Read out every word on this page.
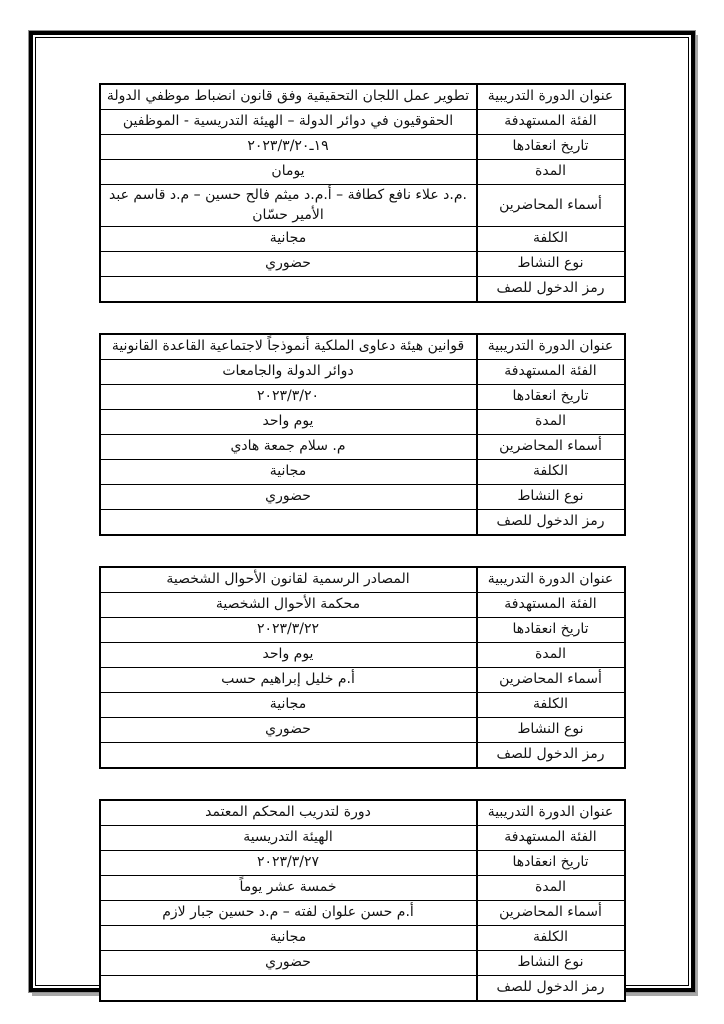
عنوان الدورة التدريبية	تطوير عمل اللجان التحقيقية وفق قانون انضباط موظفي الدولة
الفئة المستهدفة	الحقوقيون في دوائر الدولة – الهيئة التدريسية - الموظفين
تاريخ انعقادها	١٩ـ٢٠٢٣/٣/٢٠
المدة	يومان
أسماء المحاضرين	.م.د علاء نافع كطافة – أ.م.د ميثم فالح حسين – م.د قاسم عبد الأمير حسّان
الكلفة	مجانية
نوع النشاط	حضوري
رمز الدخول للصف	
عنوان الدورة التدريبية	قوانين هيئة دعاوى الملكية أنموذجاً لاجتماعية القاعدة القانونية
الفئة المستهدفة	دوائر الدولة والجامعات
تاريخ انعقادها	٢٠٢٣/٣/٢٠
المدة	يوم واحد
أسماء المحاضرين	م. سلام جمعة هادي
الكلفة	مجانية
نوع النشاط	حضوري
رمز الدخول للصف	
عنوان الدورة التدريبية	المصادر الرسمية لقانون الأحوال الشخصية
الفئة المستهدفة	محكمة الأحوال الشخصية
تاريخ انعقادها	٢٠٢٣/٣/٢٢
المدة	يوم واحد
أسماء المحاضرين	أ.م خليل إبراهيم حسب
الكلفة	مجانية
نوع النشاط	حضوري
رمز الدخول للصف	
عنوان الدورة التدريبية	دورة لتدريب المحكم المعتمد
الفئة المستهدفة	الهيئة التدريسية
تاريخ انعقادها	٢٠٢٣/٣/٢٧
المدة	خمسة عشر يوماً
أسماء المحاضرين	أ.م حسن علوان لفته – م.د حسين جبار لازم
الكلفة	مجانية
نوع النشاط	حضوري
رمز الدخول للصف	
